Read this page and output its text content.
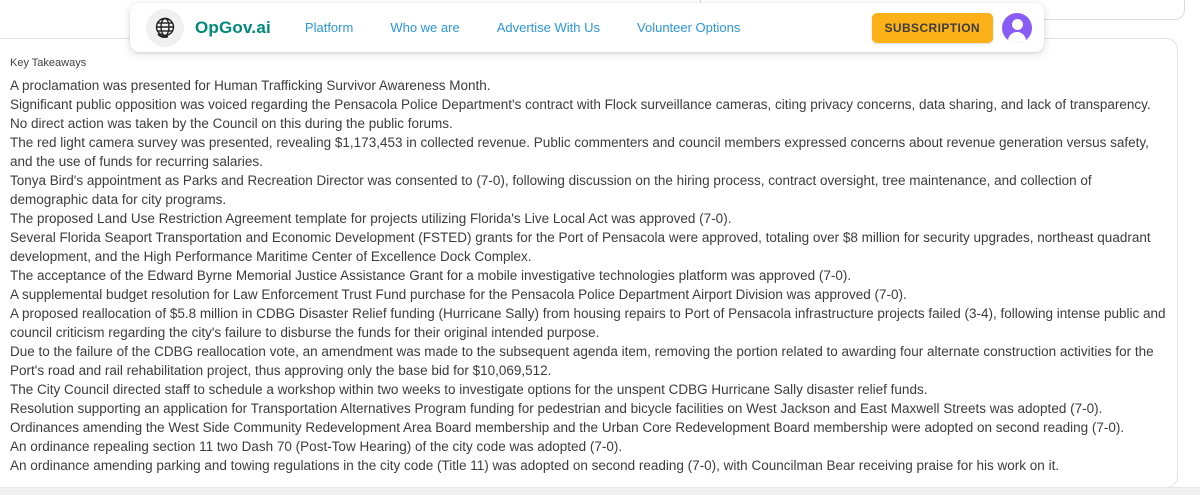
OpGov.ai	Platform	Who we are	Advertise With Us	Volunteer Options	SUBSCRIPTION
Key Takeaways

A proclamation was presented for Human Trafficking Survivor Awareness Month.

Significant public opposition was voiced regarding the Pensacola Police Department's contract with Flock surveillance cameras, citing privacy concerns, data sharing, and lack of transparency. No direct action was taken by the Council on this during the public forums.

The red light camera survey was presented, revealing $1,173,453 in collected revenue. Public commenters and council members expressed concerns about revenue generation versus safety, and the use of funds for recurring salaries.

Tonya Bird's appointment as Parks and Recreation Director was consented to (7-0), following discussion on the hiring process, contract oversight, tree maintenance, and collection of demographic data for city programs.

The proposed Land Use Restriction Agreement template for projects utilizing Florida's Live Local Act was approved (7-0).

Several Florida Seaport Transportation and Economic Development (FSTED) grants for the Port of Pensacola were approved, totaling over $8 million for security upgrades, northeast quadrant development, and the High Performance Maritime Center of Excellence Dock Complex.

The acceptance of the Edward Byrne Memorial Justice Assistance Grant for a mobile investigative technologies platform was approved (7-0).

A supplemental budget resolution for Law Enforcement Trust Fund purchase for the Pensacola Police Department Airport Division was approved (7-0).

A proposed reallocation of $5.8 million in CDBG Disaster Relief funding (Hurricane Sally) from housing repairs to Port of Pensacola infrastructure projects failed (3-4), following intense public and council criticism regarding the city's failure to disburse the funds for their original intended purpose.

Due to the failure of the CDBG reallocation vote, an amendment was made to the subsequent agenda item, removing the portion related to awarding four alternate construction activities for the Port's road and rail rehabilitation project, thus approving only the base bid for $10,069,512.

The City Council directed staff to schedule a workshop within two weeks to investigate options for the unspent CDBG Hurricane Sally disaster relief funds.

Resolution supporting an application for Transportation Alternatives Program funding for pedestrian and bicycle facilities on West Jackson and East Maxwell Streets was adopted (7-0).

Ordinances amending the West Side Community Redevelopment Area Board membership and the Urban Core Redevelopment Board membership were adopted on second reading (7-0).

An ordinance repealing section 11 two Dash 70 (Post-Tow Hearing) of the city code was adopted (7-0).

An ordinance amending parking and towing regulations in the city code (Title 11) was adopted on second reading (7-0), with Councilman Bear receiving praise for his work on it.
